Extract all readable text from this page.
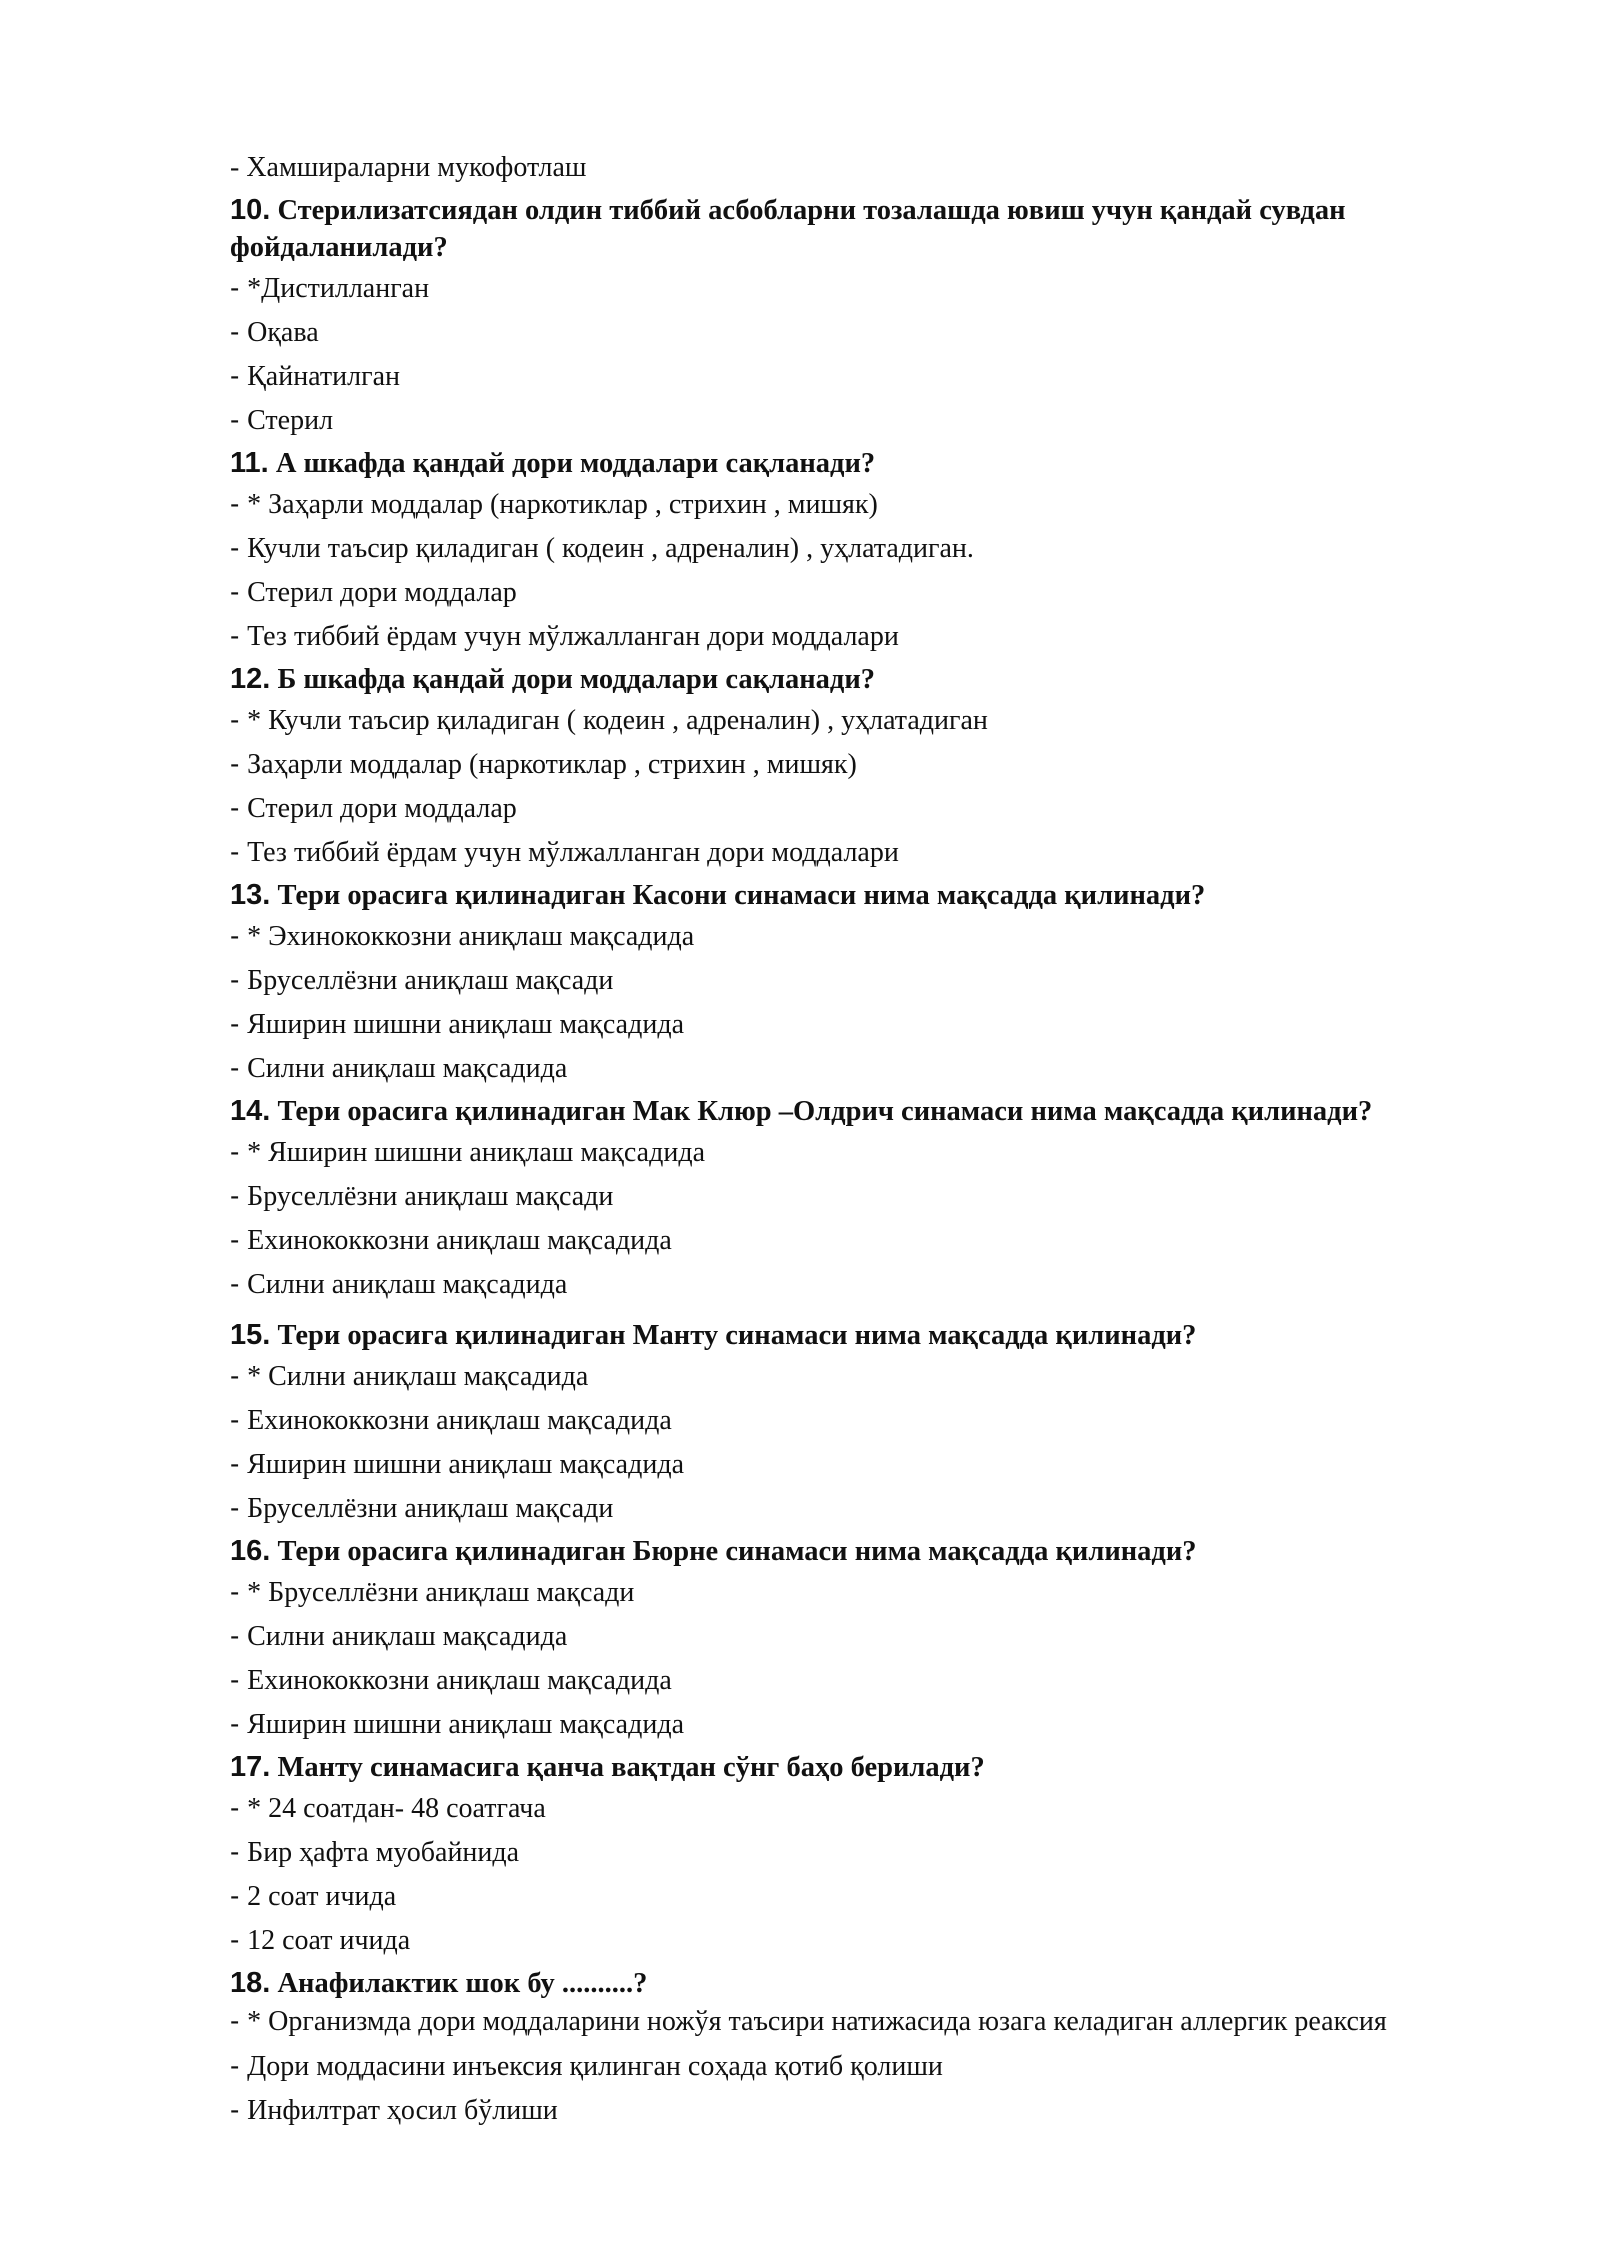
- Хамшираларни мукофотлаш
10. Стерилизатсиядан олдин тиббий асбобларни тозалашда ювиш учун қандай сувдан фойдаланилади?
- *Дистилланган
- Оқава
- Қайнатилган
- Стерил
11. А шкафда қандай дори моддалари сақланади?
- * Заҳарли моддалар (наркотиклар , стрихин , мишяк)
- Кучли таъсир қиладиган ( кодеин , адреналин) , уҳлатадиган.
- Стерил дори моддалар
- Тез тиббий ёрдам учун мўлжалланган дори моддалари
12. Б шкафда қандай дори моддалари сақланади?
- * Кучли таъсир қиладиган ( кодеин , адреналин) , уҳлатадиган
- Заҳарли моддалар (наркотиклар , стрихин , мишяк)
- Стерил дори моддалар
- Тез тиббий ёрдам учун мўлжалланган дори моддалари
13. Тери орасига қилинадиган Касони синамаси нима мақсадда қилинади?
- * Эхинококкозни аниқлаш мақсадида
- Бруселлёзни аниқлаш мақсади
- Яширин шишни аниқлаш мақсадида
- Силни аниқлаш мақсадида
14. Тери орасига қилинадиган Мак Клюр –Олдрич синамаси нима мақсадда қилинади?
- * Яширин шишни аниқлаш мақсадида
- Бруселлёзни аниқлаш мақсади
- Ехинококкозни аниқлаш мақсадида
- Силни аниқлаш мақсадида
15. Тери орасига қилинадиган Манту синамаси нима мақсадда қилинади?
- * Силни аниқлаш мақсадида
- Ехинококкозни аниқлаш мақсадида
- Яширин шишни аниқлаш мақсадида
- Бруселлёзни аниқлаш мақсади
16. Тери орасига қилинадиган Бюрне синамаси нима мақсадда қилинади?
- * Бруселлёзни аниқлаш мақсади
- Силни аниқлаш мақсадида
- Ехинококкозни аниқлаш мақсадида
- Яширин шишни аниқлаш мақсадида
17. Манту синамасига қанча вақтдан сўнг баҳо берилади?
- * 24 соатдан- 48 соатгача
- Бир ҳафта муобайнида
- 2 соат ичида
- 12 соат ичида
18. Анафилактик шок бу ..........?
- * Организмда дори моддаларини ножўя таъсири натижасида юзага келадиган аллергик реаксия
- Дори моддасини инъексия қилинган соҳада қотиб қолиши
- Инфилтрат ҳосил бўлиши
